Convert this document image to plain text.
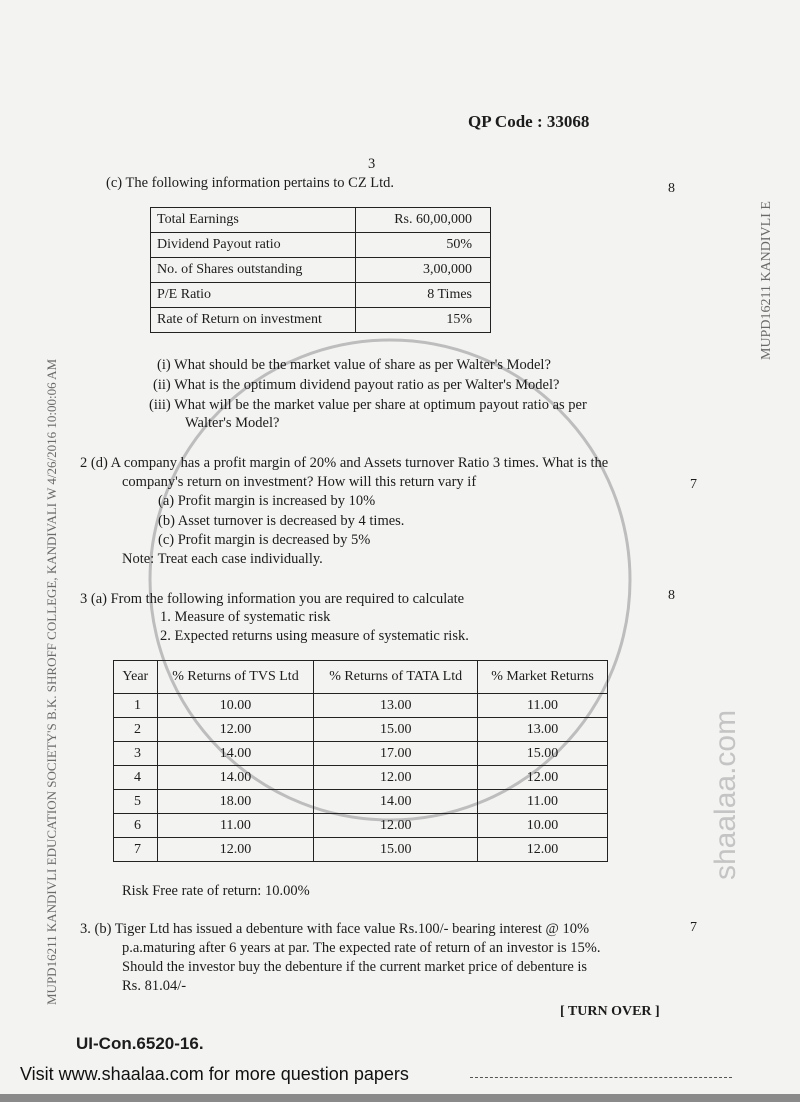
MUPD16211 KANDIVLI EDUCATION SOCIETY'S B.K. SHROFF COLLEGE, KANDIVALI W 4/26/2016 10:00:06 AM
MUPD16211 KANDIVLI E
shaalaa.com
QP Code : 33068
3
(c) The following information pertains to CZ Ltd.	8
Total Earnings	Rs. 60,00,000
Dividend Payout ratio	50%
No. of Shares outstanding	3,00,000
P/E Ratio	8 Times
Rate of Return on investment	15%
(i) What should be the market value of share as per Walter's Model?
(ii) What is the optimum dividend payout ratio as per Walter's Model?
(iii) What will be the market value per share at optimum payout ratio as per
Walter's Model?
2 (d) A company has a profit margin of 20% and Assets turnover Ratio 3 times. What is the
company's return on investment? How will this return vary if	7
(a) Profit margin is increased by 10%
(b) Asset turnover is decreased by 4 times.
(c) Profit margin is decreased by 5%
Note: Treat each case individually.
3 (a) From the following information you are required to calculate	8
1. Measure of systematic risk
2. Expected returns using measure of systematic risk.
Year	% Returns of TVS Ltd	% Returns of TATA Ltd	% Market Returns
1	10.00	13.00	11.00
2	12.00	15.00	13.00
3	14.00	17.00	15.00
4	14.00	12.00	12.00
5	18.00	14.00	11.00
6	11.00	12.00	10.00
7	12.00	15.00	12.00
Risk Free rate of return: 10.00%
3. (b) Tiger Ltd has issued a debenture with face value Rs.100/- bearing interest @ 10%	7
p.a.maturing after 6 years at par. The expected rate of return of an investor is 15%.
Should the investor buy the debenture if the current market price of debenture is
Rs. 81.04/-
[ TURN OVER ]
UI-Con.6520-16.
Visit www.shaalaa.com for more question papers
